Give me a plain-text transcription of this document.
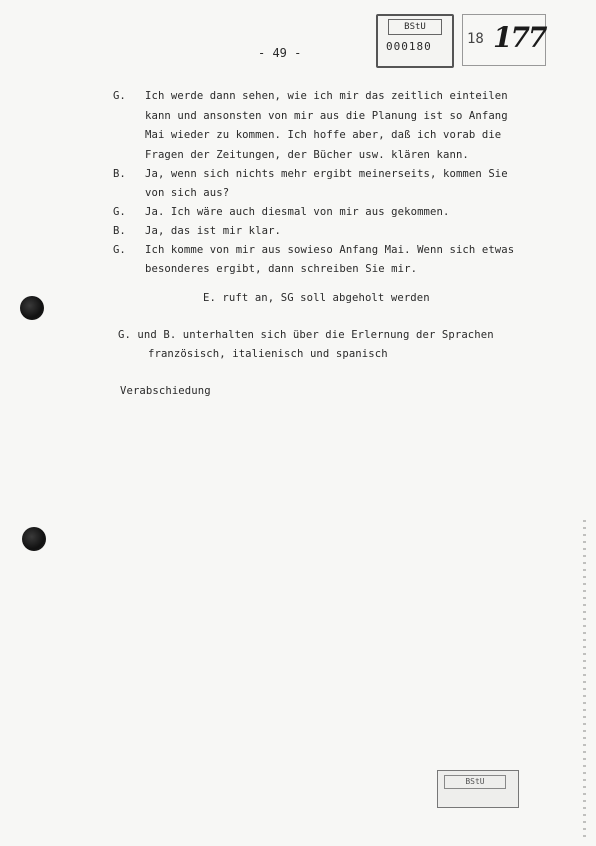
BStU
000180	18 177
- 49 -
G. Ich werde dann sehen, wie ich mir das zeitlich einteilen
kann und ansonsten von mir aus die Planung ist so Anfang
Mai wieder zu kommen. Ich hoffe aber, daß ich vorab die
Fragen der Zeitungen, der Bücher usw. klären kann.
B. Ja, wenn sich nichts mehr ergibt meinerseits, kommen Sie
von sich aus?
G. Ja. Ich wäre auch diesmal von mir aus gekommen.
B. Ja, das ist mir klar.
G. Ich komme von mir aus sowieso Anfang Mai. Wenn sich etwas
besonderes ergibt, dann schreiben Sie mir.
E. ruft an, SG soll abgeholt werden
G. und B. unterhalten sich über die Erlernung der Sprachen
französisch, italienisch und spanisch
Verabschiedung
BStU
